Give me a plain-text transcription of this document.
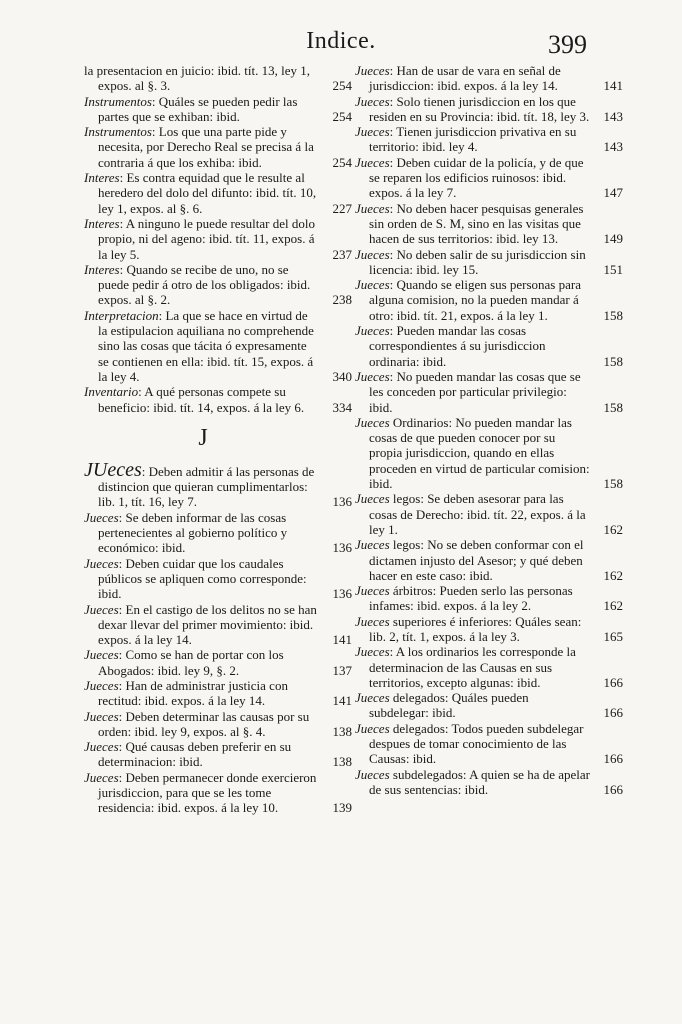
Indice.	399
la presentacion en juicio: ibid. tít. 13, ley 1, expos. al §. 3.	254
Instrumentos: Quáles se pueden pedir las partes que se exhiban: ibid.	254
Instrumentos: Los que una parte pide y necesita, por Derecho Real se precisa á la contraria á que los exhiba: ibid.	254
Interes: Es contra equidad que le resulte al heredero del dolo del difunto: ibid. tít. 10, ley 1, expos. al §. 6.	227
Interes: A ninguno le puede resultar del dolo propio, ni del ageno: ibid. tít. 11, expos. á la ley 5.	237
Interes: Quando se recibe de uno, no se puede pedir á otro de los obligados: ibid. expos. al §. 2.	238
Interpretacion: La que se hace en virtud de la estipulacion aquiliana no comprehende sino las cosas que tácita ó expresamente se contienen en ella: ibid. tít. 15, expos. á la ley 4.	340
Inventario: A qué personas compete su beneficio: ibid. tít. 14, expos. á la ley 6. 334
J
JUeces: Deben admitir á las personas de distincion que quieran cumplimentarlos: lib. 1, tít. 16, ley 7.	136
Jueces: Se deben informar de las cosas pertenecientes al gobierno político y económico: ibid.	136
Jueces: Deben cuidar que los caudales públicos se apliquen como corresponde: ibid.	136
Jueces: En el castigo de los delitos no se han dexar llevar del primer movimiento: ibid. expos. á la ley 14.	141
Jueces: Como se han de portar con los Abogados: ibid. ley 9, §. 2.	137
Jueces: Han de administrar justicia con rectitud: ibid. expos. á la ley 14.	141
Jueces: Deben determinar las causas por su orden: ibid. ley 9, expos. al §. 4.	138
Jueces: Qué causas deben preferir en su determinacion: ibid.	138
Jueces: Deben permanecer donde exercieron jurisdiccion, para que se les tome residencia: ibid. expos. á la ley 10.	139
Jueces: Han de usar de vara en señal de jurisdiccion: ibid. expos. á la ley 14.	141
Jueces: Solo tienen jurisdiccion en los que residen en su Provincia: ibid. tít. 18, ley 3. 143
Jueces: Tienen jurisdiccion privativa en su territorio: ibid. ley 4.	143
Jueces: Deben cuidar de la policía, y de que se reparen los edificios ruinosos: ibid. expos. á la ley 7.	147
Jueces: No deben hacer pesquisas generales sin orden de S. M, sino en las visitas que hacen de sus territorios: ibid. ley 13.	149
Jueces: No deben salir de su jurisdiccion sin licencia: ibid. ley 15.	151
Jueces: Quando se eligen sus personas para alguna comision, no la pueden mandar á otro: ibid. tít. 21, expos. á la ley 1.	158
Jueces: Pueden mandar las cosas correspondientes á su jurisdiccion ordinaria: ibid.	158
Jueces: No pueden mandar las cosas que se les conceden por particular privilegio: ibid.	158
Jueces Ordinarios: No pueden mandar las cosas de que pueden conocer por su propia jurisdiccion, quando en ellas proceden en virtud de particular comision: ibid.	158
Jueces legos: Se deben asesorar para las cosas de Derecho: ibid. tít. 22, expos. á la ley 1.	162
Jueces legos: No se deben conformar con el dictamen injusto del Asesor; y qué deben hacer en este caso: ibid.	162
Jueces árbitros: Pueden serlo las personas infames: ibid. expos. á la ley 2.	162
Jueces superiores é inferiores: Quáles sean: lib. 2, tít. 1, expos. á la ley 3.	165
Jueces: A los ordinarios les corresponde la determinacion de las Causas en sus territorios, excepto algunas: ibid.	166
Jueces delegados: Quáles pueden subdelegar: ibid.	166
Jueces delegados: Todos pueden subdelegar despues de tomar conocimiento de las Causas: ibid.	166
Jueces subdelegados: A quien se ha de apelar de sus sentencias: ibid.	166
